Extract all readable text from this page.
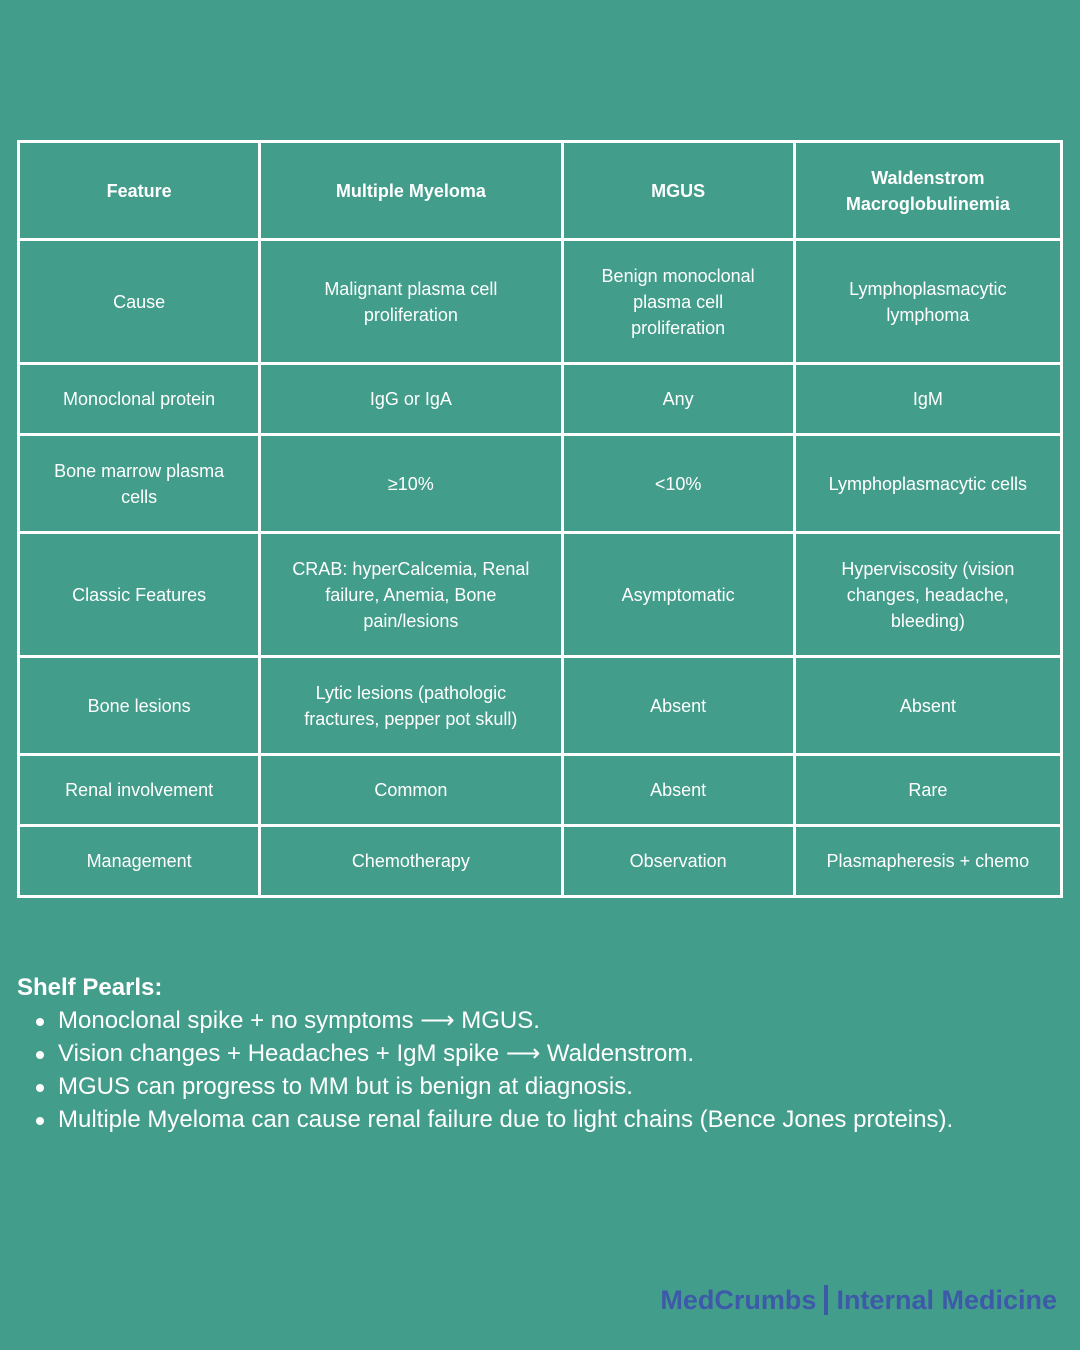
Feature	Multiple Myeloma	MGUS	Waldenstrom Macroglobulinemia
Cause	Malignant plasma cell proliferation	Benign monoclonal plasma cell proliferation	Lymphoplasmacytic lymphoma
Monoclonal protein	IgG or IgA	Any	IgM
Bone marrow plasma cells	≥10%	<10%	Lymphoplasmacytic cells
Classic Features	CRAB: hyperCalcemia, Renal failure, Anemia, Bone pain/lesions	Asymptomatic	Hyperviscosity (vision changes, headache, bleeding)
Bone lesions	Lytic lesions (pathologic fractures, pepper pot skull)	Absent	Absent
Renal involvement	Common	Absent	Rare
Management	Chemotherapy	Observation	Plasmapheresis + chemo

Shelf Pearls:

Monoclonal spike + no symptoms ⟶ MGUS.
Vision changes + Headaches + IgM spike ⟶ Waldenstrom.
MGUS can progress to MM but is benign at diagnosis.
Multiple Myeloma can cause renal failure due to light chains (Bence Jones proteins).
MedCrumbs Internal Medicine
